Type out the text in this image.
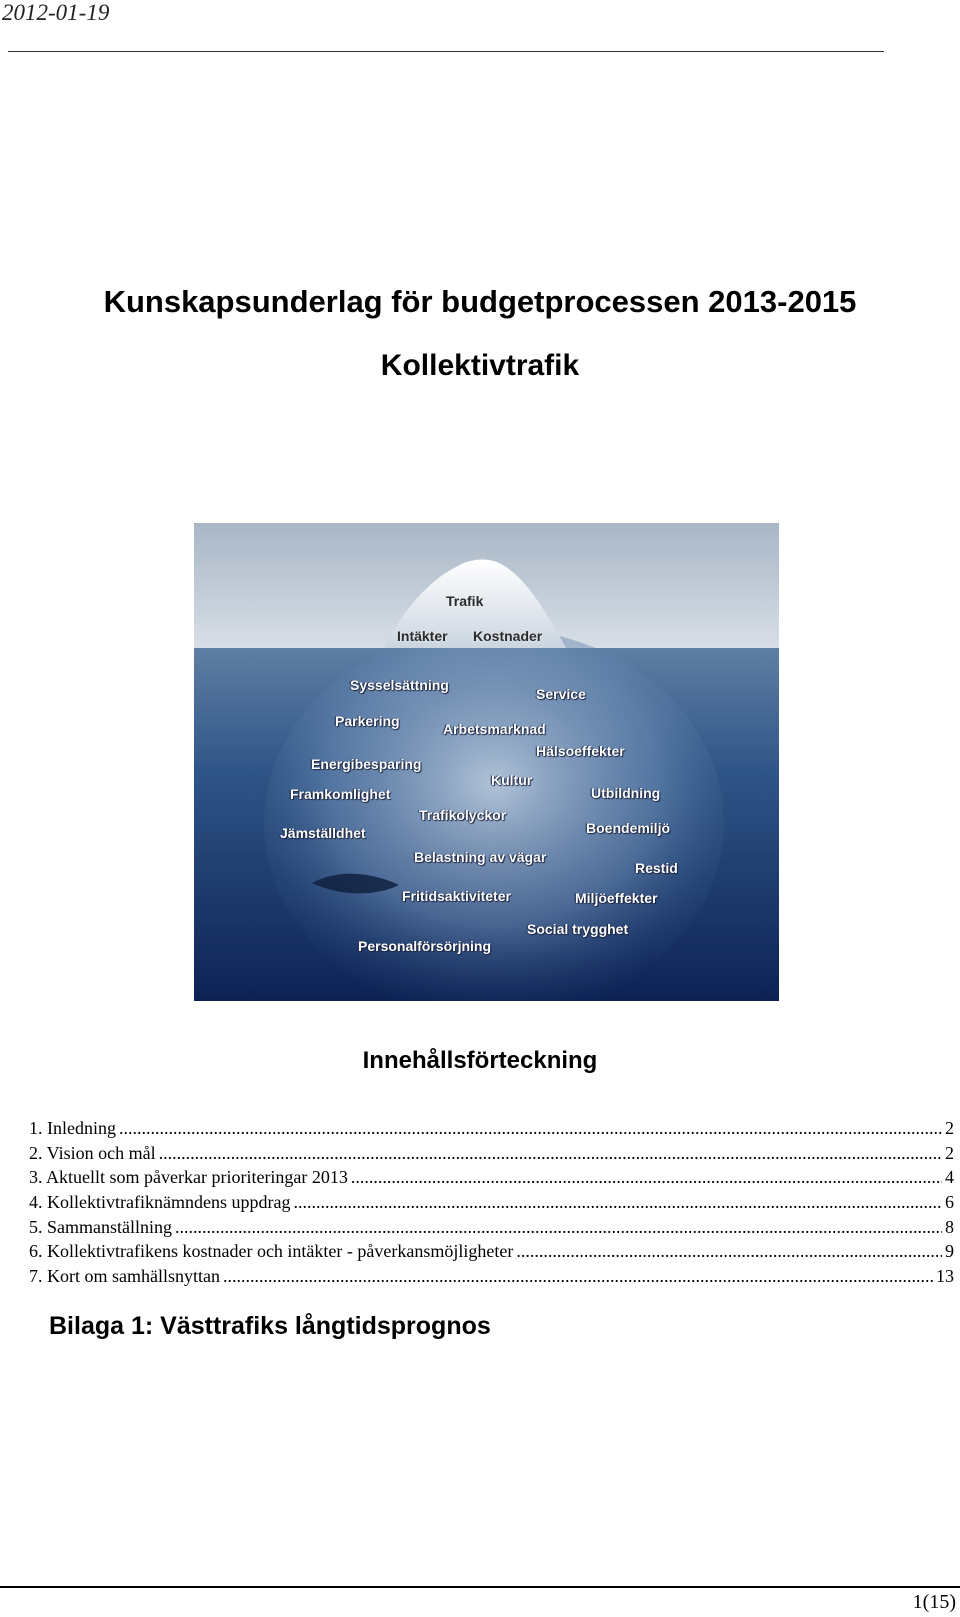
2012-01-19
Kunskapsunderlag för budgetprocessen 2013-2015
Kollektivtrafik
Trafik
Intäkter Kostnader
Sysselsättning
Service
Parkering	Arbetsmarknad
Hälsoeffekter
Energibesparing
Kultur
Framkomlighet	Utbildning
Trafikolyckor
Jämställdhet	Boendemiljö
Belastning av vägar
Restid
Fritidsaktiviteter	Miljöeffekter
Social trygghet
Personalförsörjning
Innehållsförteckning
1. Inledning .....	2
2. Vision och mål .....	2
3. Aktuellt som påverkar prioriteringar 2013 .....	4
4. Kollektivtrafiknämndens uppdrag .....	6
5. Sammanställning .....	8
6. Kollektivtrafikens kostnader och intäkter - påverkansmöjligheter .....	9
7. Kort om samhällsnyttan .....	13
Bilaga 1: Västtrafiks långtidsprognos
1(15)
